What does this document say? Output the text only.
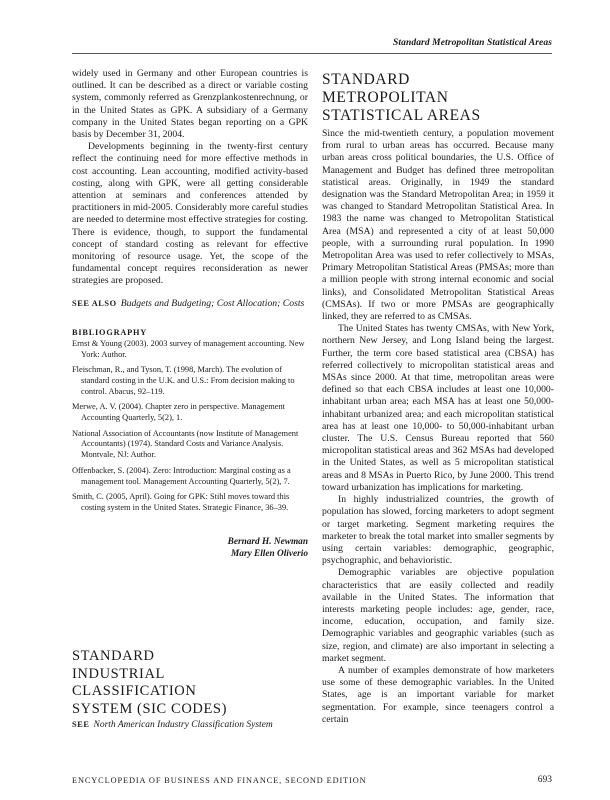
Standard Metropolitan Statistical Areas

widely used in Germany and other European countries is outlined. It can be described as a direct or variable costing system, commonly referred as Grenzplankostenrechnung, or in the United States as GPK. A subsidiary of a Germany company in the United States began reporting on a GPK basis by December 31, 2004.

Developments beginning in the twenty-first century reflect the continuing need for more effective methods in cost accounting. Lean accounting, modified activity-based costing, along with GPK, were all getting considerable attention at seminars and conferences attended by practitioners in mid-2005. Considerably more careful studies are needed to determine most effective strategies for costing. There is evidence, though, to support the fundamental concept of standard costing as relevant for effective monitoring of resource usage. Yet, the scope of the fundamental concept requires reconsideration as newer strategies are proposed.

SEE ALSO Budgets and Budgeting; Cost Allocation; Costs
BIBLIOGRAPHY
Ernst & Young (2003). 2003 survey of management accounting. New York: Author.
Fleischman, R., and Tyson, T. (1998, March). The evolution of standard costing in the U.K. and U.S.: From decision making to control. Abacus, 92–119.
Merwe, A. V. (2004). Chapter zero in perspective. Management Accounting Quarterly, 5(2), 1.
National Association of Accountants (now Institute of Management Accountants) (1974). Standard Costs and Variance Analysis. Montvale, NJ: Author.
Offenbacker, S. (2004). Zero: Introduction: Marginal costing as a management tool. Management Accounting Quarterly, 5(2), 7.
Smith, C. (2005, April). Going for GPK: Stihl moves toward this costing system in the United States. Strategic Finance, 36–39.
Bernard H. Newman
Mary Ellen Oliverio
STANDARD
INDUSTRIAL
CLASSIFICATION
SYSTEM (SIC CODES)
SEE North American Industry Classification System
STANDARD
METROPOLITAN
STATISTICAL AREAS

Since the mid-twentieth century, a population movement from rural to urban areas has occurred. Because many urban areas cross political boundaries, the U.S. Office of Management and Budget has defined three metropolitan statistical areas. Originally, in 1949 the standard designation was the Standard Metropolitan Area; in 1959 it was changed to Standard Metropolitan Statistical Area. In 1983 the name was changed to Metropolitan Statistical Area (MSA) and represented a city of at least 50,000 people, with a surrounding rural population. In 1990 Metropolitan Area was used to refer collectively to MSAs, Primary Metropolitan Statistical Areas (PMSAs; more than a million people with strong internal economic and social links), and Consolidated Metropolitan Statistical Areas (CMSAs). If two or more PMSAs are geographically linked, they are referred to as CMSAs.

The United States has twenty CMSAs, with New York, northern New Jersey, and Long Island being the largest. Further, the term core based statistical area (CBSA) has referred collectively to micropolitan statistical areas and MSAs since 2000. At that time, metropolitan areas were defined so that each CBSA includes at least one 10,000-inhabitant urban area; each MSA has at least one 50,000-inhabitant urbanized area; and each micropolitan statistical area has at least one 10,000- to 50,000-inhabitant urban cluster. The U.S. Census Bureau reported that 560 micropolitan statistical areas and 362 MSAs had developed in the United States, as well as 5 micropolitan statistical areas and 8 MSAs in Puerto Rico, by June 2000. This trend toward urbanization has implications for marketing.

In highly industrialized countries, the growth of population has slowed, forcing marketers to adopt segment or target marketing. Segment marketing requires the marketer to break the total market into smaller segments by using certain variables: demographic, geographic, psychographic, and behavioristic.

Demographic variables are objective population characteristics that are easily collected and readily available in the United States. The information that interests marketing people includes: age, gender, race, income, education, occupation, and family size. Demographic variables and geographic variables (such as size, region, and climate) are also important in selecting a market segment.

A number of examples demonstrate of how marketers use some of these demographic variables. In the United States, age is an important variable for market segmentation. For example, since teenagers control a certain

ENCYCLOPEDIA OF BUSINESS AND FINANCE, SECOND EDITION	693
